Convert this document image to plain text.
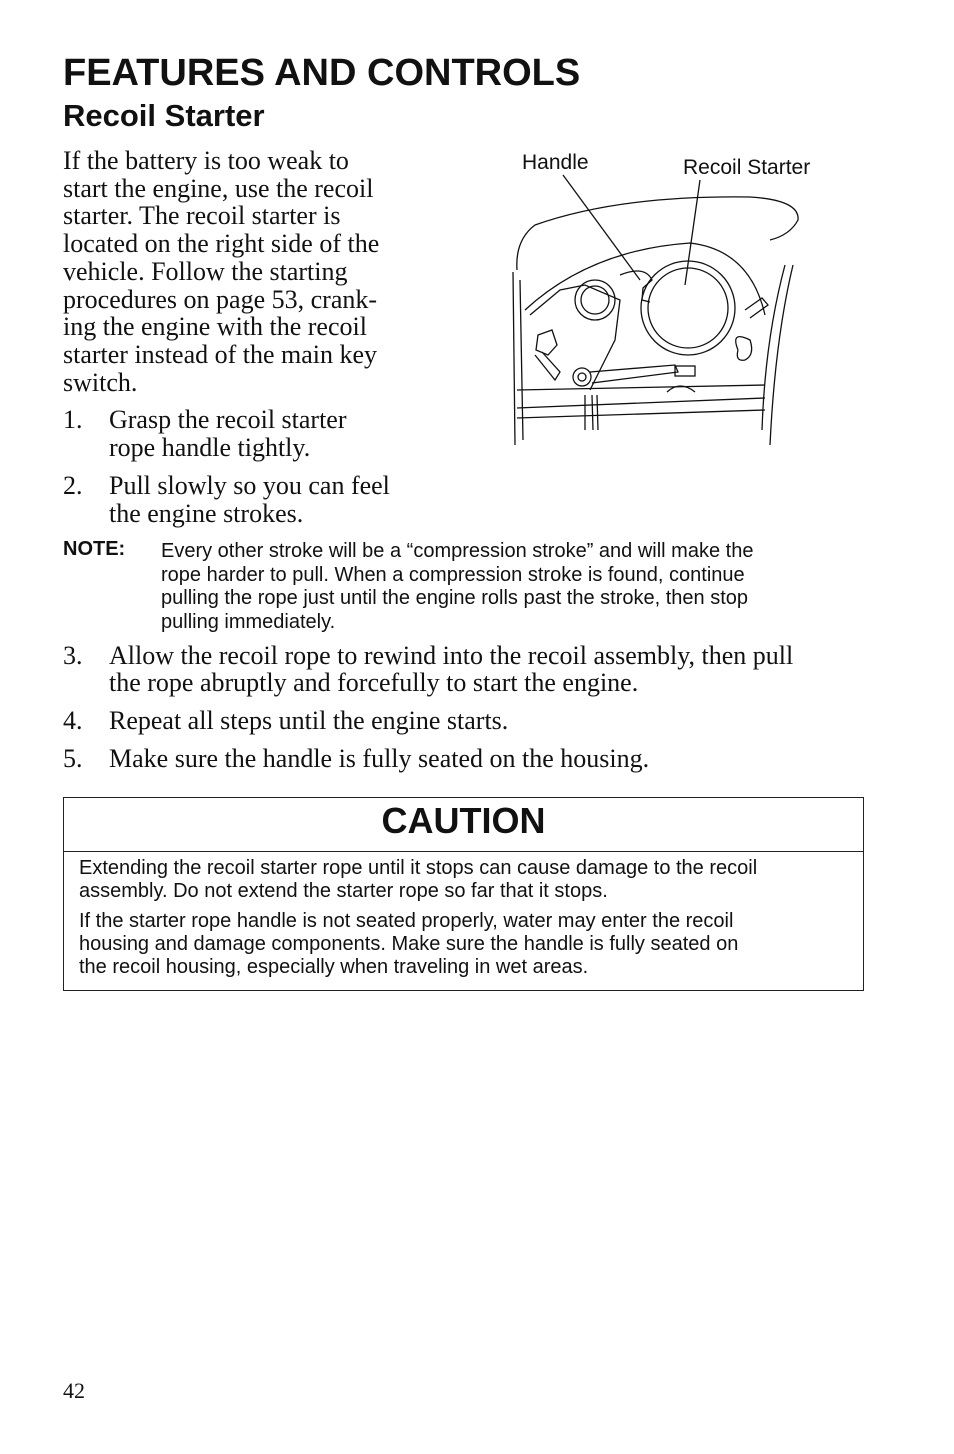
FEATURES AND CONTROLS
Recoil Starter
If the battery is too weak to
start the engine, use the recoil
starter. The recoil starter is
located on the right side of the
vehicle. Follow the starting
procedures on page 53, crank-
ing the engine with the recoil
starter instead of the main key
switch.
Handle	Recoil Starter
1. Grasp the recoil starter
rope handle tightly.
2. Pull slowly so you can feel
the engine strokes.
NOTE: Every other stroke will be a “compression stroke” and will make the
rope harder to pull. When a compression stroke is found, continue
pulling the rope just until the engine rolls past the stroke, then stop
pulling immediately.
3. Allow the recoil rope to rewind into the recoil assembly, then pull
the rope abruptly and forcefully to start the engine.
4. Repeat all steps until the engine starts.
5. Make sure the handle is fully seated on the housing.
CAUTION
Extending the recoil starter rope until it stops can cause damage to the recoil
assembly. Do not extend the starter rope so far that it stops.
If the starter rope handle is not seated properly, water may enter the recoil
housing and damage components. Make sure the handle is fully seated on
the recoil housing, especially when traveling in wet areas.
42
